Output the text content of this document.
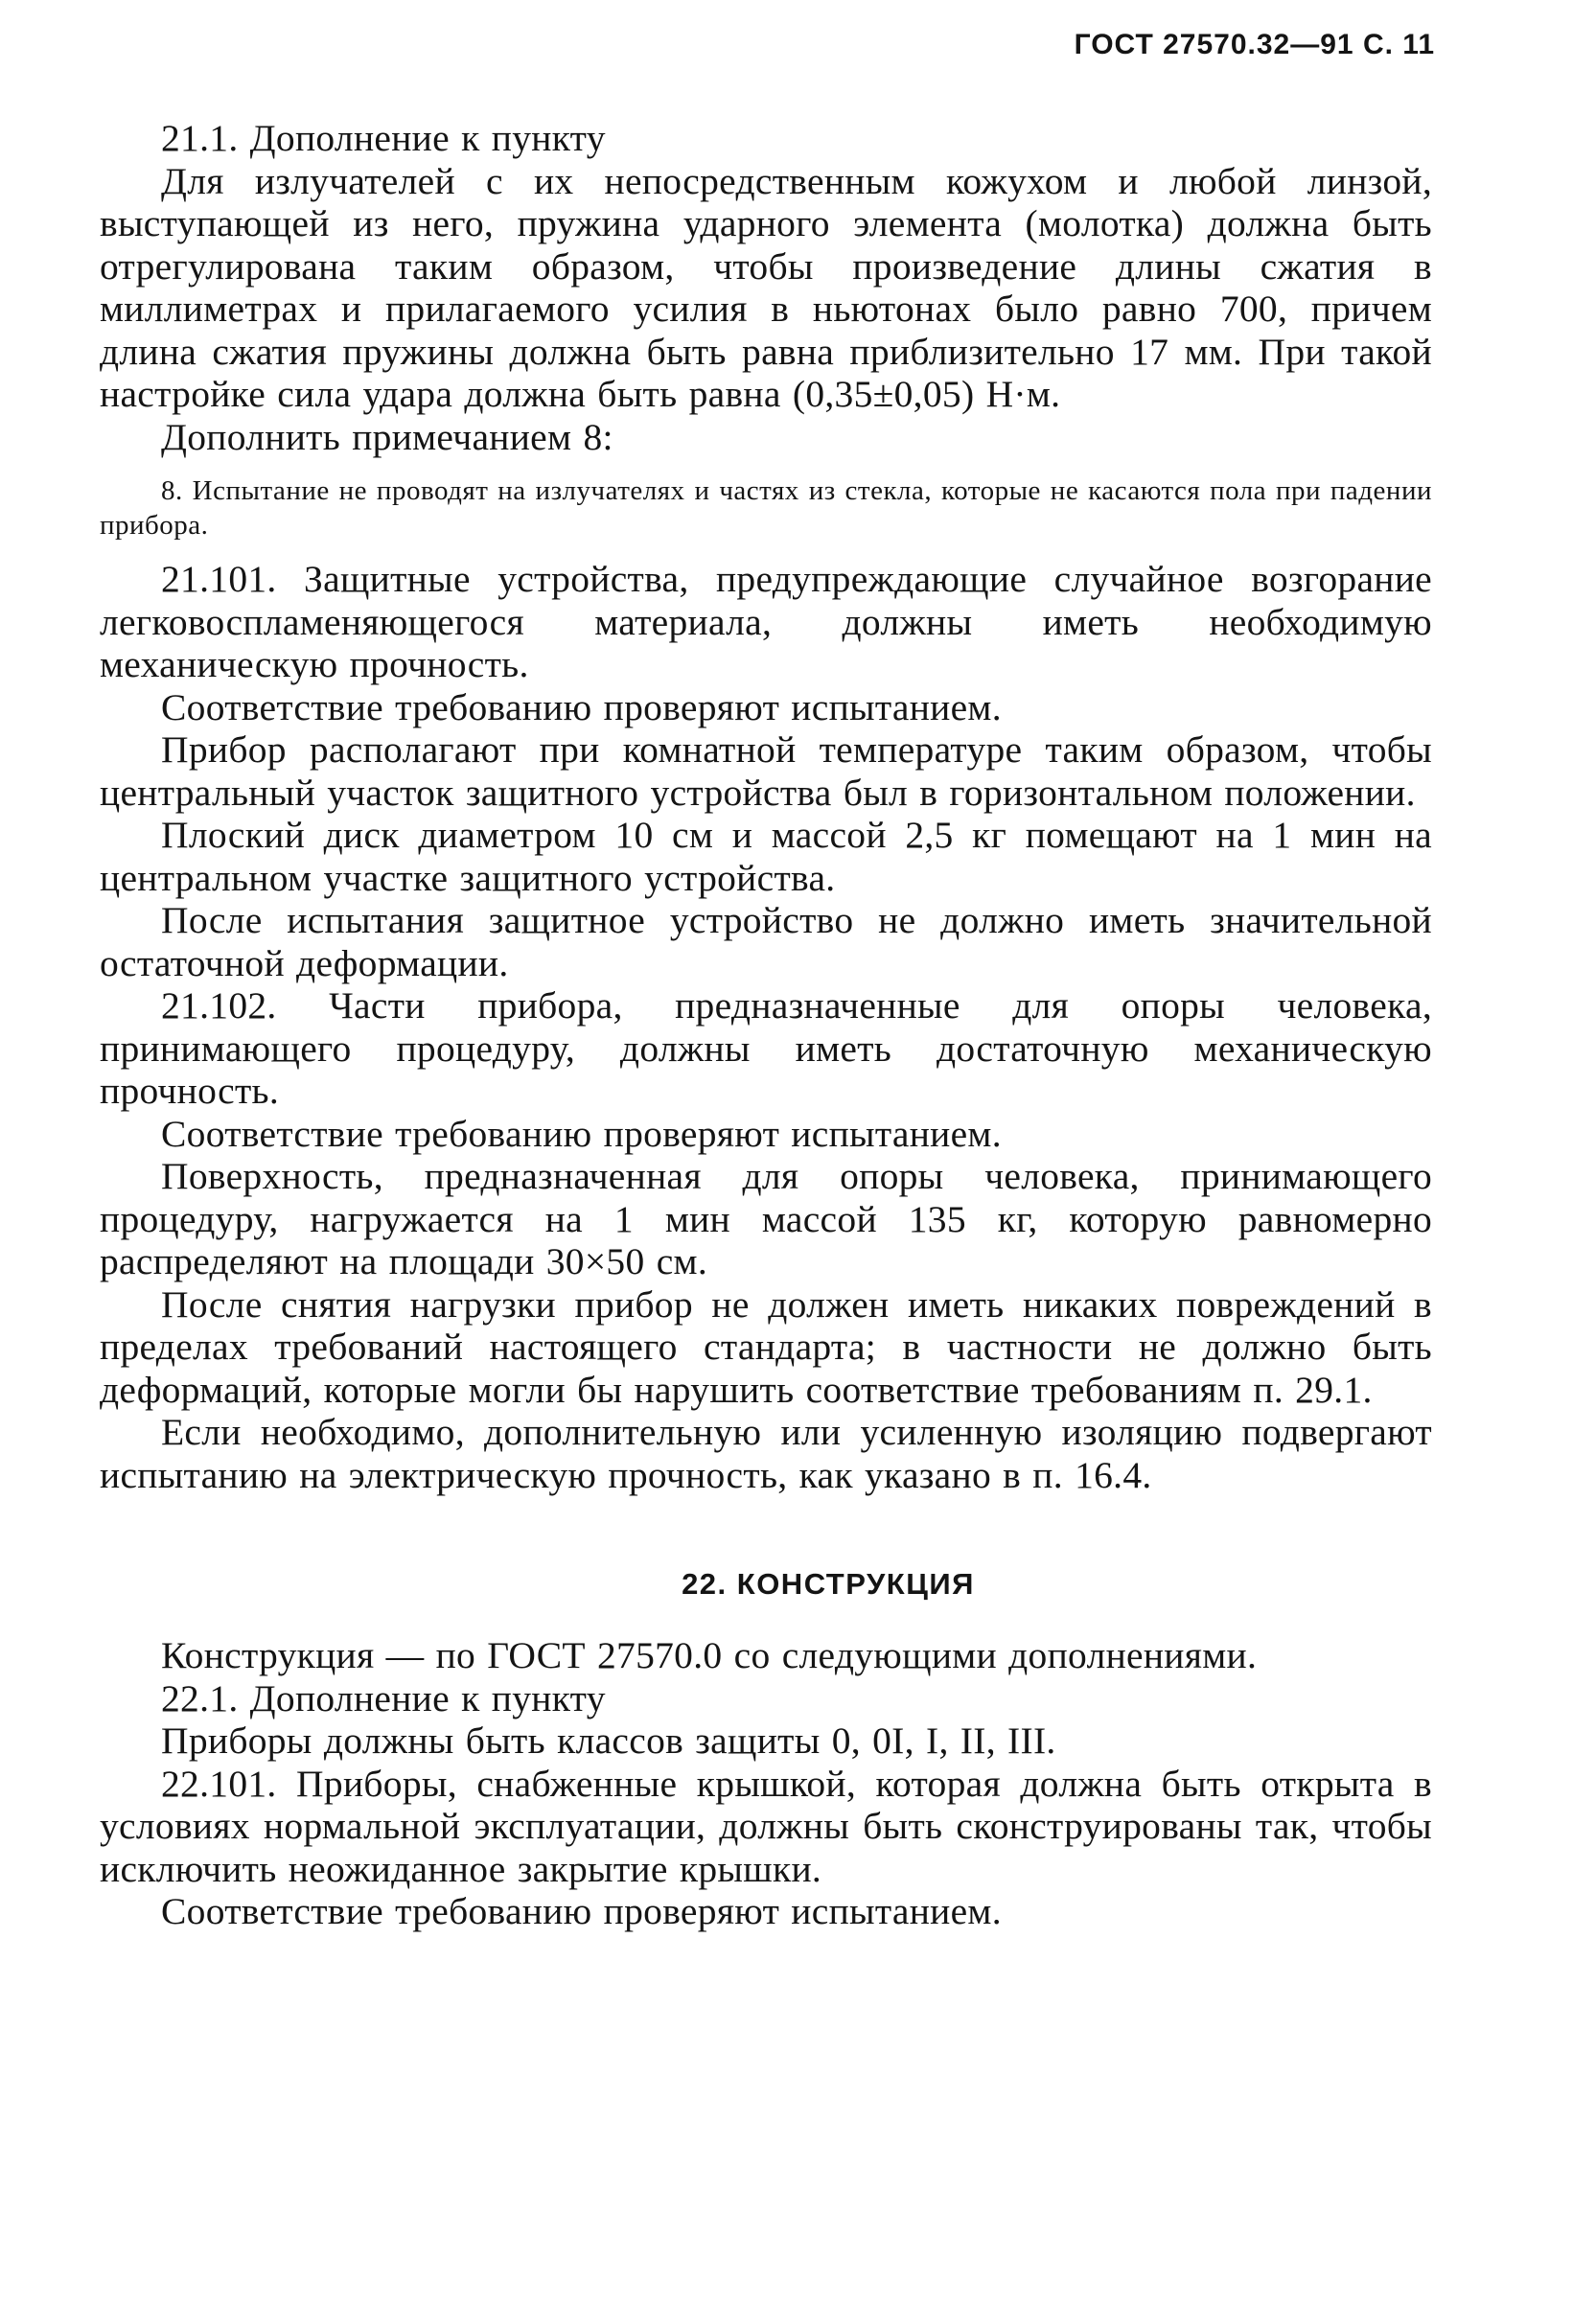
ГОСТ 27570.32—91 С. 11

21.1. Дополнение к пункту

Для излучателей с их непосредственным кожухом и любой линзой, выступающей из него, пружина ударного элемента (молотка) должна быть отрегулирована таким образом, чтобы произведение длины сжатия в миллиметрах и прилагаемого усилия в ньютонах было равно 700, причем длина сжатия пружины должна быть равна приблизительно 17 мм. При такой настройке сила удара должна быть равна (0,35±0,05) Н·м.

Дополнить примечанием 8:

8. Испытание не проводят на излучателях и частях из стекла, которые не касаются пола при падении прибора.

21.101. Защитные устройства, предупреждающие случайное возгорание легковоспламеняющегося материала, должны иметь необходимую механическую прочность.

Соответствие требованию проверяют испытанием.

Прибор располагают при комнатной температуре таким образом, чтобы центральный участок защитного устройства был в горизонтальном положении.

Плоский диск диаметром 10 см и массой 2,5 кг помещают на 1 мин на центральном участке защитного устройства.

После испытания защитное устройство не должно иметь значительной остаточной деформации.

21.102. Части прибора, предназначенные для опоры человека, принимающего процедуру, должны иметь достаточную механическую прочность.

Соответствие требованию проверяют испытанием.

Поверхность, предназначенная для опоры человека, принимающего процедуру, нагружается на 1 мин массой 135 кг, которую равномерно распределяют на площади 30×50 см.

После снятия нагрузки прибор не должен иметь никаких повреждений в пределах требований настоящего стандарта; в частности не должно быть деформаций, которые могли бы нарушить соответствие требованиям п. 29.1.

Если необходимо, дополнительную или усиленную изоляцию подвергают испытанию на электрическую прочность, как указано в п. 16.4.

22. КОНСТРУКЦИЯ

Конструкция — по ГОСТ 27570.0 со следующими дополнениями.

22.1. Дополнение к пункту

Приборы должны быть классов защиты 0, 0I, I, II, III.

22.101. Приборы, снабженные крышкой, которая должна быть открыта в условиях нормальной эксплуатации, должны быть сконструированы так, чтобы исключить неожиданное закрытие крышки.

Соответствие требованию проверяют испытанием.
